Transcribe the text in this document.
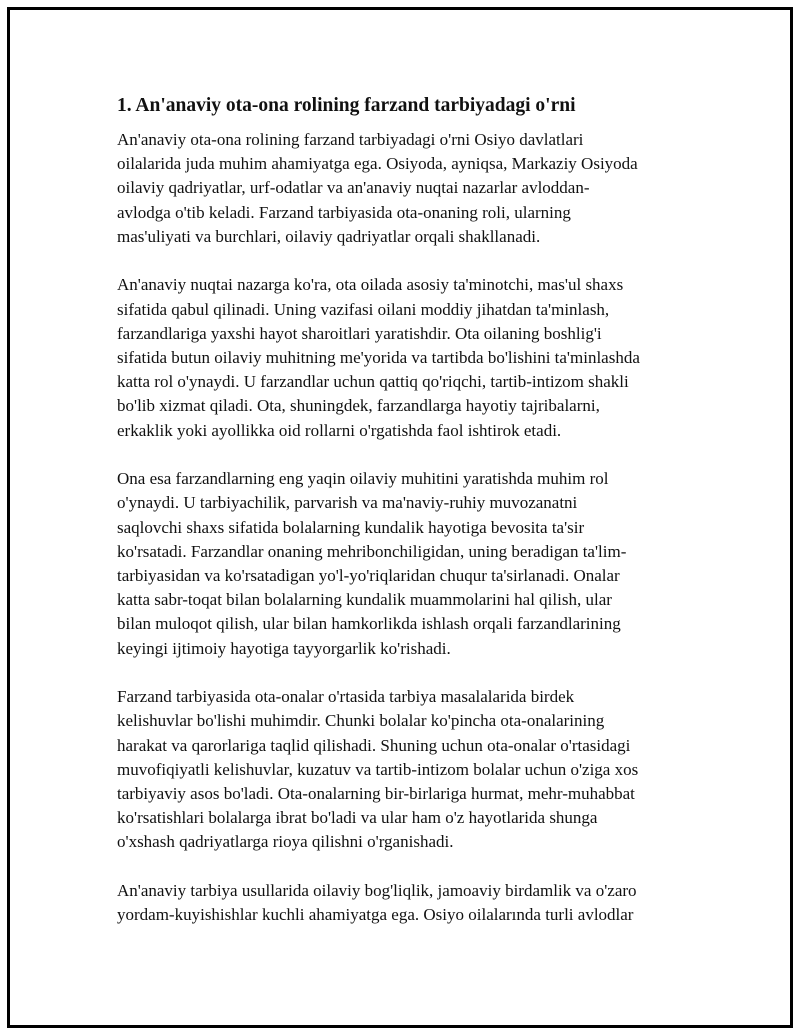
1. An'anaviy ota-ona rolining farzand tarbiyadagi o'rni

An'anaviy ota-ona rolining farzand tarbiyadagi o'rni Osiyo davlatlari
oilalarida juda muhim ahamiyatga ega. Osiyoda, ayniqsa, Markaziy Osiyoda
oilaviy qadriyatlar, urf-odatlar va an'anaviy nuqtai nazarlar avloddan-
avlodga o'tib keladi. Farzand tarbiyasida ota-onaning roli, ularning
mas'uliyati va burchlari, oilaviy qadriyatlar orqali shakllanadi.

An'anaviy nuqtai nazarga ko'ra, ota oilada asosiy ta'minotchi, mas'ul shaxs
sifatida qabul qilinadi. Uning vazifasi oilani moddiy jihatdan ta'minlash,
farzandlariga yaxshi hayot sharoitlari yaratishdir. Ota oilaning boshlig'i
sifatida butun oilaviy muhitning me'yorida va tartibda bo'lishini ta'minlashda
katta rol o'ynaydi. U farzandlar uchun qattiq qo'riqchi, tartib-intizom shakli
bo'lib xizmat qiladi. Ota, shuningdek, farzandlarga hayotiy tajribalarni,
erkaklik yoki ayollikka oid rollarni o'rgatishda faol ishtirok etadi.

Ona esa farzandlarning eng yaqin oilaviy muhitini yaratishda muhim rol
o'ynaydi. U tarbiyachilik, parvarish va ma'naviy-ruhiy muvozanatni
saqlovchi shaxs sifatida bolalarning kundalik hayotiga bevosita ta'sir
ko'rsatadi. Farzandlar onaning mehribonchiligidan, uning beradigan ta'lim-
tarbiyasidan va ko'rsatadigan yo'l-yo'riqlaridan chuqur ta'sirlanadi. Onalar
katta sabr-toqat bilan bolalarning kundalik muammolarini hal qilish, ular
bilan muloqot qilish, ular bilan hamkorlikda ishlash orqali farzandlarining
keyingi ijtimoiy hayotiga tayyorgarlik ko'rishadi.

Farzand tarbiyasida ota-onalar o'rtasida tarbiya masalalarida birdek
kelishuvlar bo'lishi muhimdir. Chunki bolalar ko'pincha ota-onalarining
harakat va qarorlariga taqlid qilishadi. Shuning uchun ota-onalar o'rtasidagi
muvofiqiyatli kelishuvlar, kuzatuv va tartib-intizom bolalar uchun o'ziga xos
tarbiyaviy asos bo'ladi. Ota-onalarning bir-birlariga hurmat, mehr-muhabbat
ko'rsatishlari bolalarga ibrat bo'ladi va ular ham o'z hayotlarida shunga
o'xshash qadriyatlarga rioya qilishni o'rganishadi.

An'anaviy tarbiya usullarida oilaviy bog'liqlik, jamoaviy birdamlik va o'zaro
yordam-kuyishishlar kuchli ahamiyatga ega. Osiyo oilalarında turli avlodlar
